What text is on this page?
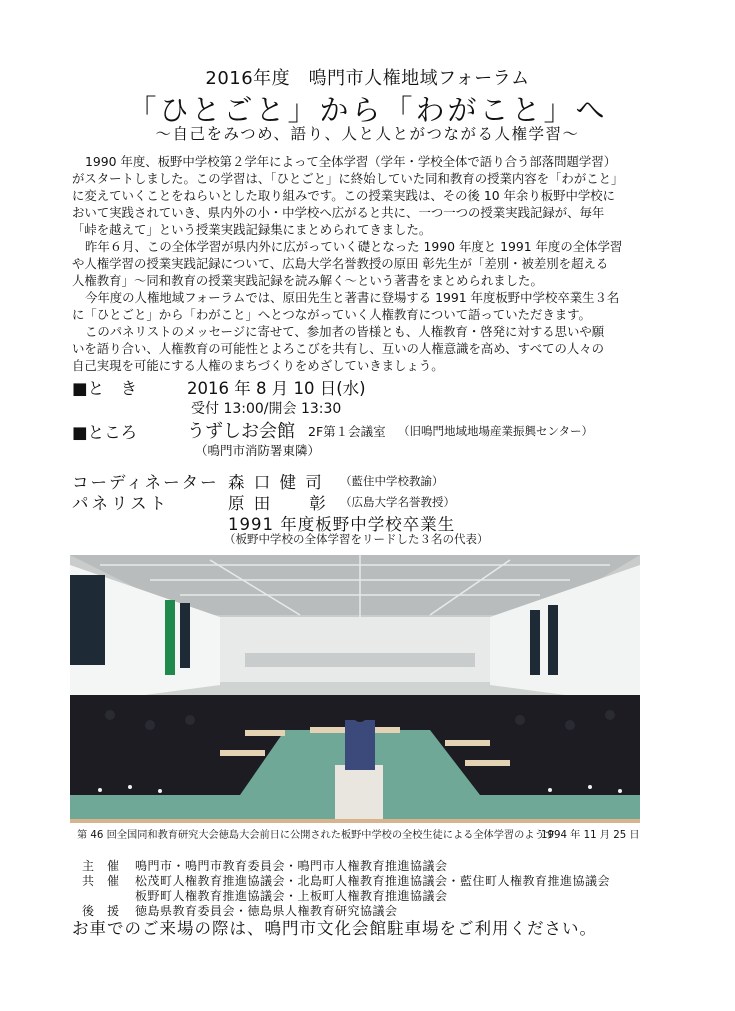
2016年度　鳴門市人権地域フォーラム
「ひとごと」から「わがこと」へ
～自己をみつめ、語り、人と人とがつながる人権学習～

1990 年度、板野中学校第２学年によって全体学習（学年・学校全体で語り合う部落問題学習）

がスタートしました。この学習は、「ひとごと」に終始していた同和教育の授業内容を「わがこと」

に変えていくことをねらいとした取り組みです。この授業実践は、その後 10 年余り板野中学校に

おいて実践されていき、県内外の小・中学校へ広がると共に、一つ一つの授業実践記録が、毎年

「峠を越えて」という授業実践記録集にまとめられてきました。

昨年６月、この全体学習が県内外に広がっていく礎となった 1990 年度と 1991 年度の全体学習

や人権学習の授業実践記録について、広島大学名誉教授の原田 彰先生が「差別・被差別を超える

人権教育」～同和教育の授業実践記録を読み解く～という著書をまとめられました。

今年度の人権地域フォーラムでは、原田先生と著書に登場する 1991 年度板野中学校卒業生３名

に「ひとごと」から「わがこと」へとつながっていく人権教育について語っていただきます。

このパネリストのメッセージに寄せて、参加者の皆様とも、人権教育・啓発に対する思いや願

いを語り合い、人権教育の可能性とよろこびを共有し、互いの人権意識を高め、すべての人々の

自己実現を可能にする人権のまちづくりをめざしていきましょう。

■と　き	2016 年 8 月 10 日(水)
受付 13:00/開会 13:30
■ところ	うずしお会館 2F第１会議室 （旧鳴門地域地場産業振興センター）
（鳴門市消防署東隣）
コーディネーター 森 口 健 司 （藍住中学校教諭）
パネリスト	原 田　　彰 （広島大学名誉教授）
1991 年度板野中学校卒業生
（板野中学校の全体学習をリードした３名の代表）
第 46 回全国同和教育研究大会徳島大会前日に公開された板野中学校の全校生徒による全体学習のようす
1994 年 11 月 25 日
主　催 鳴門市・鳴門市教育委員会・鳴門市人権教育推進協議会
共　催 松茂町人権教育推進協議会・北島町人権教育推進協議会・藍住町人権教育推進協議会
板野町人権教育推進協議会・上板町人権教育推進協議会
後　援 徳島県教育委員会・徳島県人権教育研究協議会
お車でのご来場の際は、鳴門市文化会館駐車場をご利用ください。
